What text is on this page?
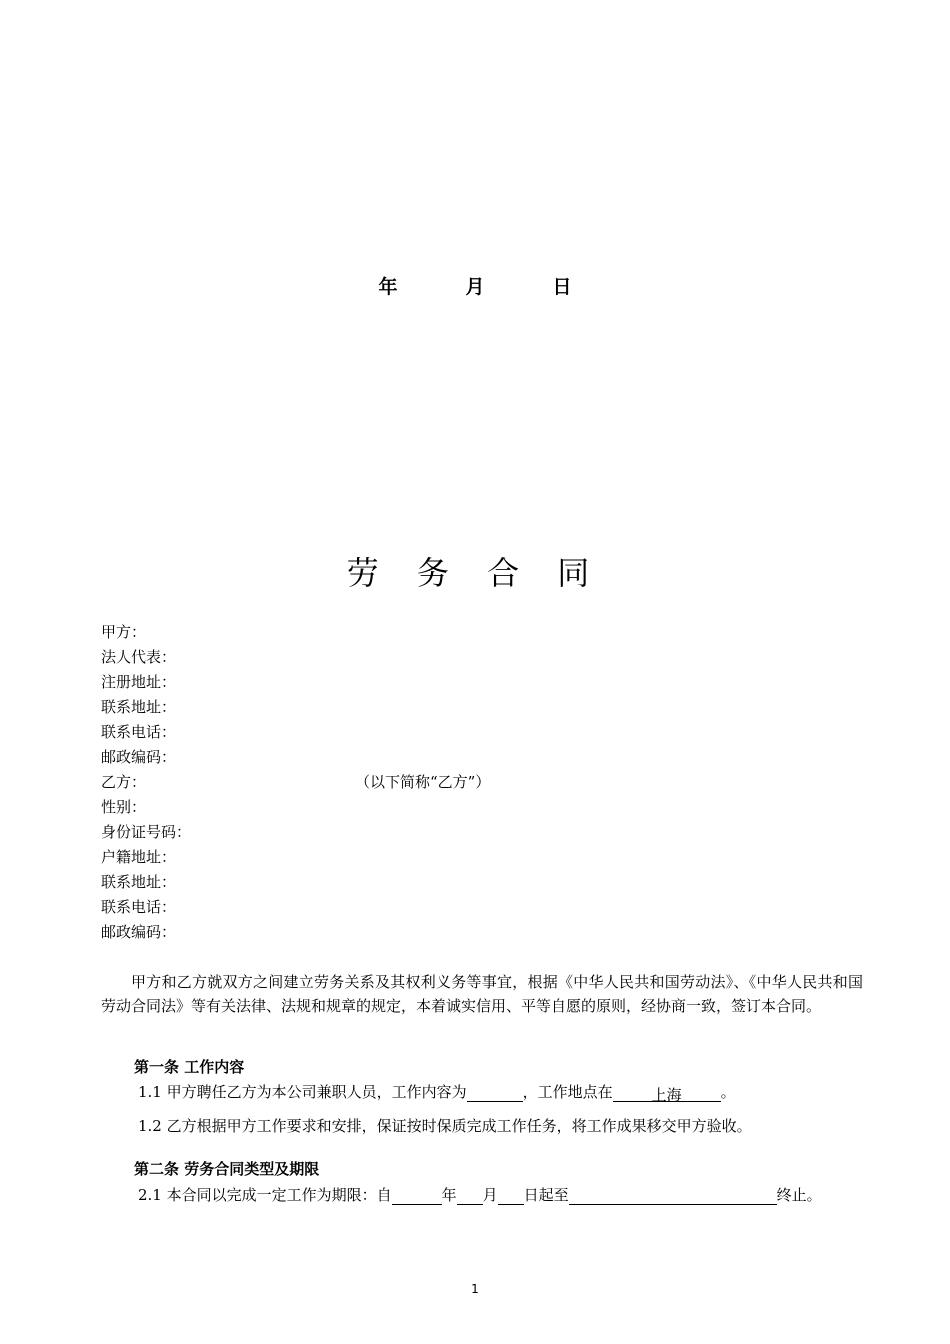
年	月	日
劳 务 合 同
甲方：
法人代表：
注册地址：
联系地址：
联系电话：
邮政编码：
乙方：	（以下简称“乙方”）
性别：
身份证号码：
户籍地址：
联系地址：
联系电话：
邮政编码：
甲方和乙方就双方之间建立劳务关系及其权利义务等事宜，根据《中华人民共和国劳动法》、《中华人民共和国劳动合同法》等有关法律、法规和规章的规定，本着诚实信用、平等自愿的原则，经协商一致，签订本合同。
第一条 工作内容
1.1 甲方聘任乙方为本公司兼职人员，工作内容为	，工作地点在	上海	。
1.2 乙方根据甲方工作要求和安排，保证按时保质完成工作任务，将工作成果移交甲方验收。
第二条 劳务合同类型及期限
2.1 本合同以完成一定工作为期限：自	年 月 日起至	终止。
1
